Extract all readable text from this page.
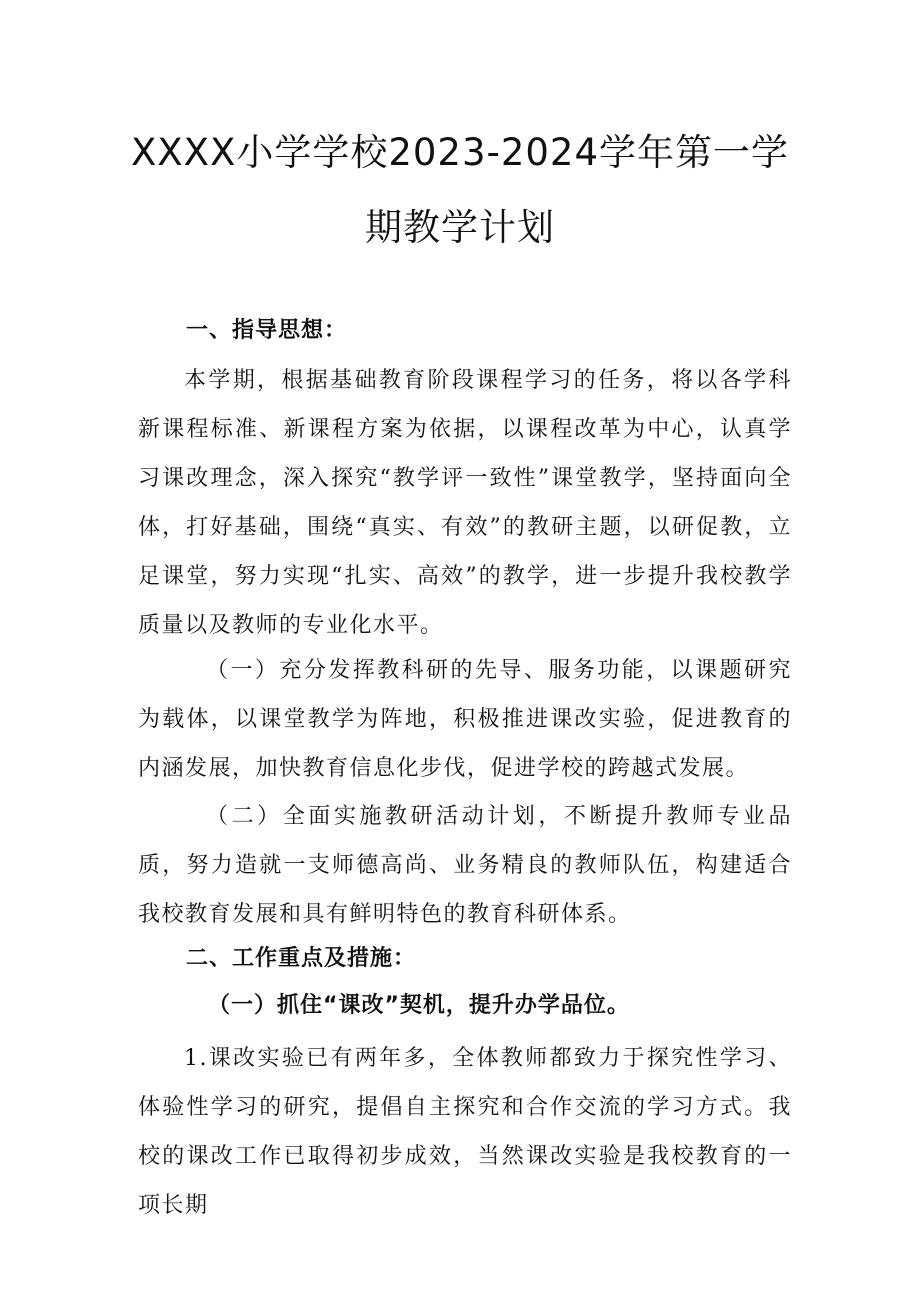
XXXX小学学校2023-2024学年第一学
期教学计划
一、指导思想：

本学期，根据基础教育阶段课程学习的任务，将以各学科新课程标准、新课程方案为依据，以课程改革为中心，认真学习课改理念，深入探究“教学评一致性”课堂教学，坚持面向全体，打好基础，围绕“真实、有效”的教研主题，以研促教，立足课堂，努力实现“扎实、高效”的教学，进一步提升我校教学质量以及教师的专业化水平。

（一）充分发挥教科研的先导、服务功能，以课题研究为载体，以课堂教学为阵地，积极推进课改实验，促进教育的内涵发展，加快教育信息化步伐，促进学校的跨越式发展。

（二）全面实施教研活动计划，不断提升教师专业品质，努力造就一支师德高尚、业务精良的教师队伍，构建适合我校教育发展和具有鲜明特色的教育科研体系。

二、工作重点及措施：
（一）抓住“课改”契机，提升办学品位。

1.课改实验已有两年多，全体教师都致力于探究性学习、体验性学习的研究，提倡自主探究和合作交流的学习方式。我校的课改工作已取得初步成效，当然课改实验是我校教育的一项长期
